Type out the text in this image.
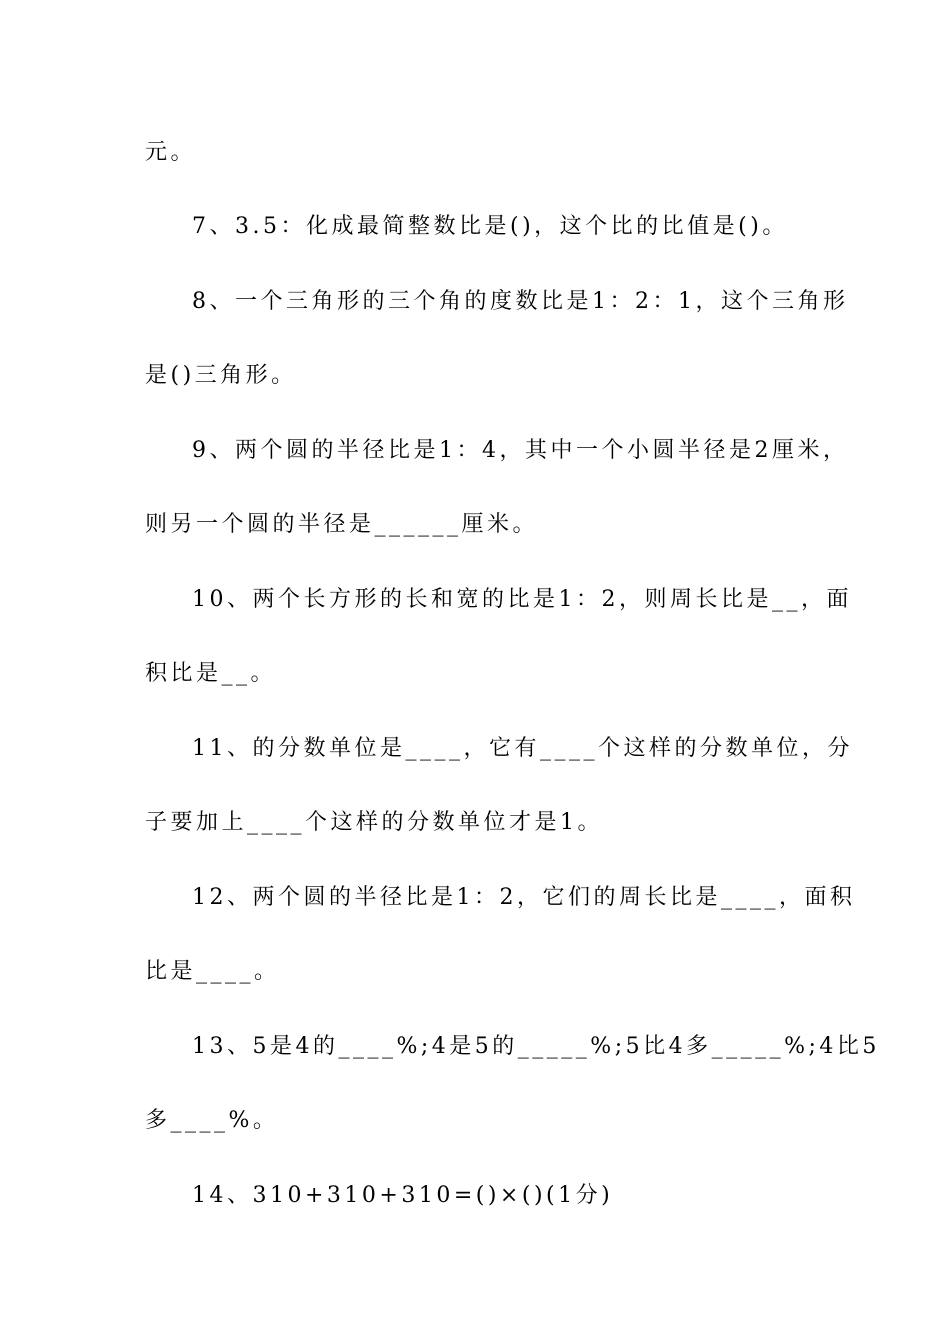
元。
7、3.5：化成最简整数比是()，这个比的比值是()。
8、一个三角形的三个角的度数比是1：2：1，这个三角形
是()三角形。
9、两个圆的半径比是1：4，其中一个小圆半径是2厘米，
则另一个圆的半径是______厘米。
10、两个长方形的长和宽的比是1：2，则周长比是__，面
积比是__。
11、的分数单位是____，它有____个这样的分数单位，分
子要加上____个这样的分数单位才是1。
12、两个圆的半径比是1：2，它们的周长比是____，面积
比是____。
13、5是4的____%;4是5的_____%;5比4多_____%;4比5
多____%。
14、310+310+310=()×()(1分)
